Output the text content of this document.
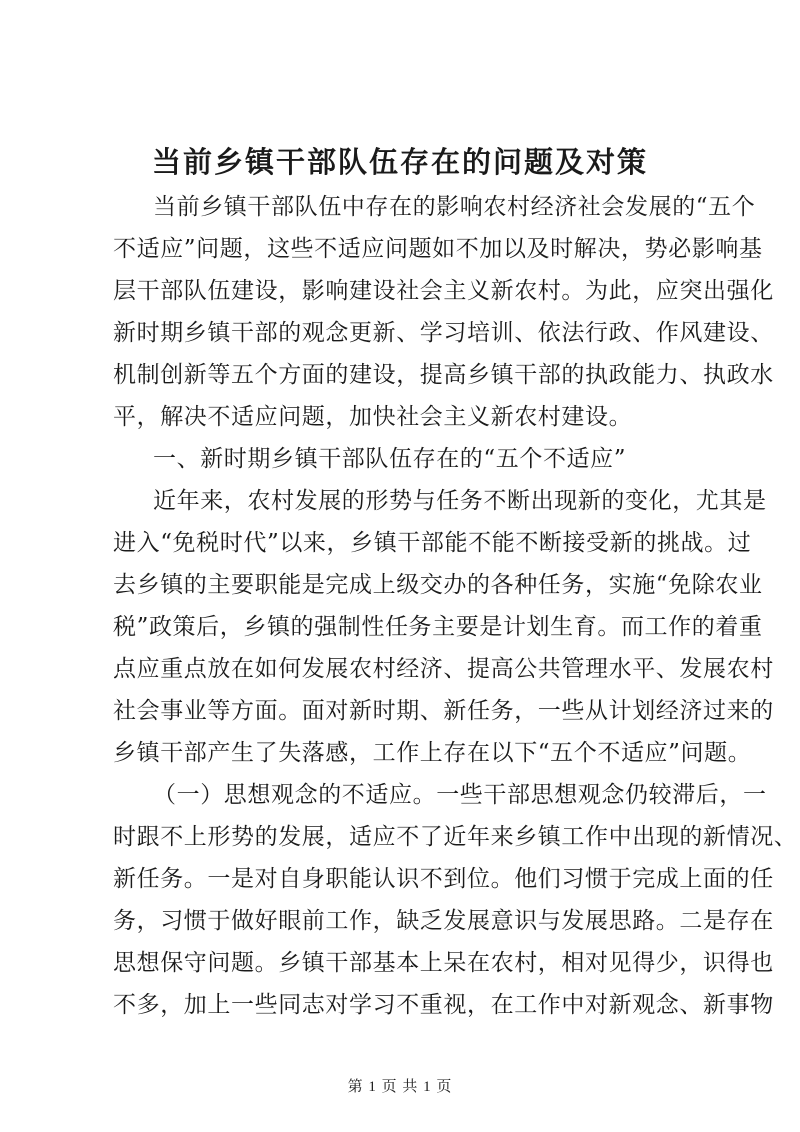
当前乡镇干部队伍存在的问题及对策
当前乡镇干部队伍中存在的影响农村经济社会发展的“五个
不适应”问题，这些不适应问题如不加以及时解决，势必影响基
层干部队伍建设，影响建设社会主义新农村。为此，应突出强化
新时期乡镇干部的观念更新、学习培训、依法行政、作风建设、
机制创新等五个方面的建设，提高乡镇干部的执政能力、执政水
平，解决不适应问题，加快社会主义新农村建设。
一、新时期乡镇干部队伍存在的“五个不适应”
近年来，农村发展的形势与任务不断出现新的变化，尤其是
进入“免税时代”以来，乡镇干部能不能不断接受新的挑战。过
去乡镇的主要职能是完成上级交办的各种任务，实施“免除农业
税”政策后，乡镇的强制性任务主要是计划生育。而工作的着重
点应重点放在如何发展农村经济、提高公共管理水平、发展农村
社会事业等方面。面对新时期、新任务，一些从计划经济过来的
乡镇干部产生了失落感，工作上存在以下“五个不适应”问题。
（一）思想观念的不适应。一些干部思想观念仍较滞后，一
时跟不上形势的发展，适应不了近年来乡镇工作中出现的新情况、
新任务。一是对自身职能认识不到位。他们习惯于完成上面的任
务，习惯于做好眼前工作，缺乏发展意识与发展思路。二是存在
思想保守问题。乡镇干部基本上呆在农村，相对见得少，识得也
不多，加上一些同志对学习不重视，在工作中对新观念、新事物
第 1 页 共 1 页
